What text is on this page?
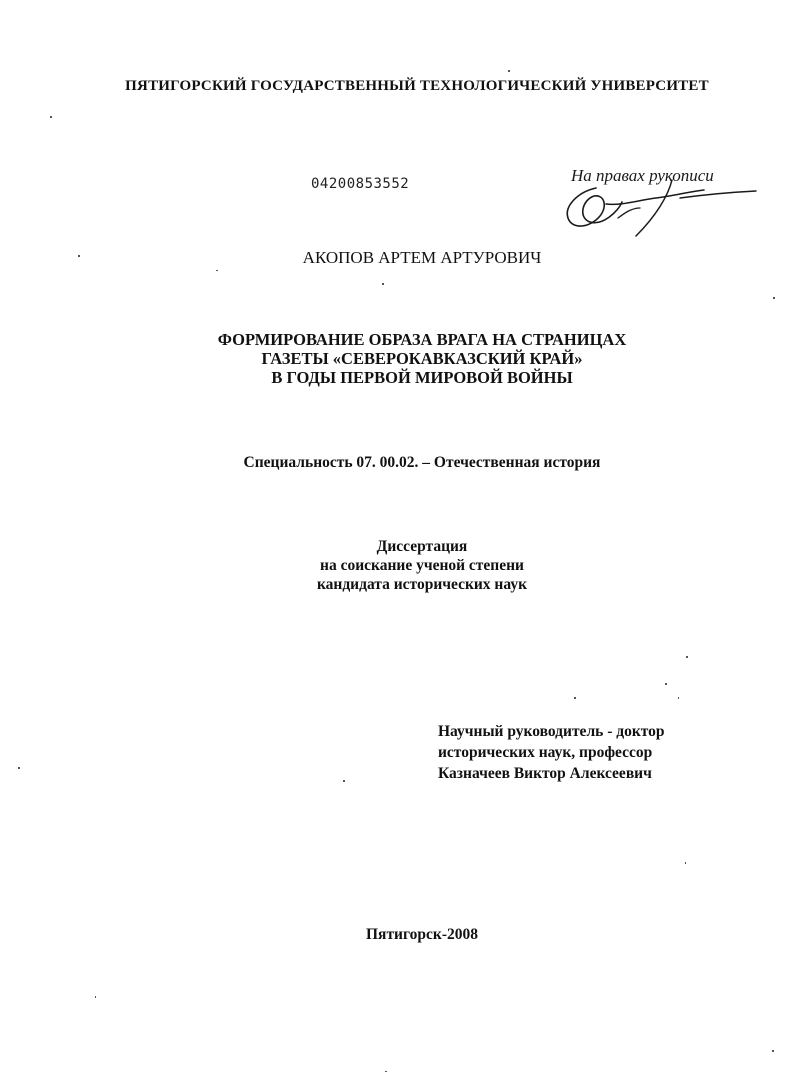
ПЯТИГОРСКИЙ ГОСУДАРСТВЕННЫЙ ТЕХНОЛОГИЧЕСКИЙ УНИВЕРСИТЕТ
04200853552	На правах рукописи
АКОПОВ АРТЕМ АРТУРОВИЧ
ФОРМИРОВАНИЕ ОБРАЗА ВРАГА НА СТРАНИЦАХ
ГАЗЕТЫ «СЕВЕРОКАВКАЗСКИЙ КРАЙ»
В ГОДЫ ПЕРВОЙ МИРОВОЙ ВОЙНЫ
Специальность 07. 00.02. – Отечественная история
Диссертация
на соискание ученой степени
кандидата исторических наук
Научный руководитель - доктор
исторических наук, профессор
Казначеев Виктор Алексеевич
Пятигорск-2008
